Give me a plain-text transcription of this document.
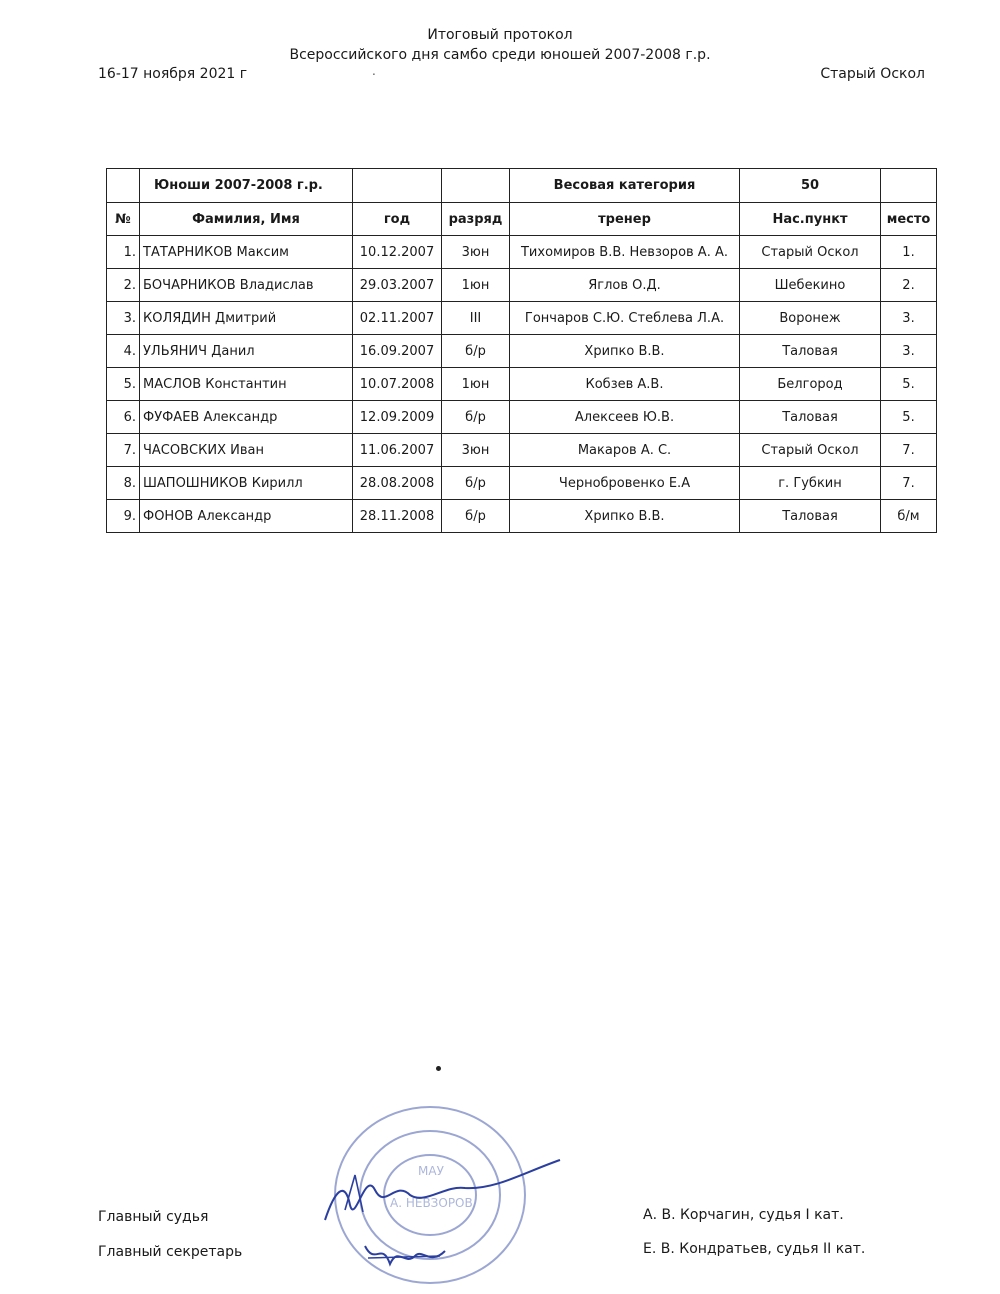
Итоговый протокол
Всероссийского дня самбо среди юношей 2007-2008 г.р.
16-17 ноября 2021 г	Старый Оскол
.
	Юноши 2007-2008 г.р.			Весовая категория	50	
№	Фамилия, Имя	год	разряд	тренер	Нас.пункт	место
1.	ТАТАРНИКОВ Максим	10.12.2007	3юн	Тихомиров В.В. Невзоров А. А.	Старый Оскол	1.
2.	БОЧАРНИКОВ Владислав	29.03.2007	1юн	Яглов О.Д.	Шебекино	2.
3.	КОЛЯДИН Дмитрий	02.11.2007	III	Гончаров С.Ю. Стеблева Л.А.	Воронеж	3.
4.	УЛЬЯНИЧ Данил	16.09.2007	б/р	Хрипко В.В.	Таловая	3.
5.	МАСЛОВ Константин	10.07.2008	1юн	Кобзев А.В.	Белгород	5.
6.	ФУФАЕВ Александр	12.09.2009	б/р	Алексеев Ю.В.	Таловая	5.
7.	ЧАСОВСКИХ Иван	11.06.2007	3юн	Макаров А. С.	Старый Оскол	7.
8.	ШАПОШНИКОВ Кирилл	28.08.2008	б/р	Чернобровенко Е.А	г. Губкин	7.
9.	ФОНОВ Александр	28.11.2008	б/р	Хрипко В.В.	Таловая	б/м
Главный судья
Главный секретарь
А. В. Корчагин, судья I кат.
Е. В. Кондратьев, судья II кат.
МАУ
А. НЕВЗОРОВ
